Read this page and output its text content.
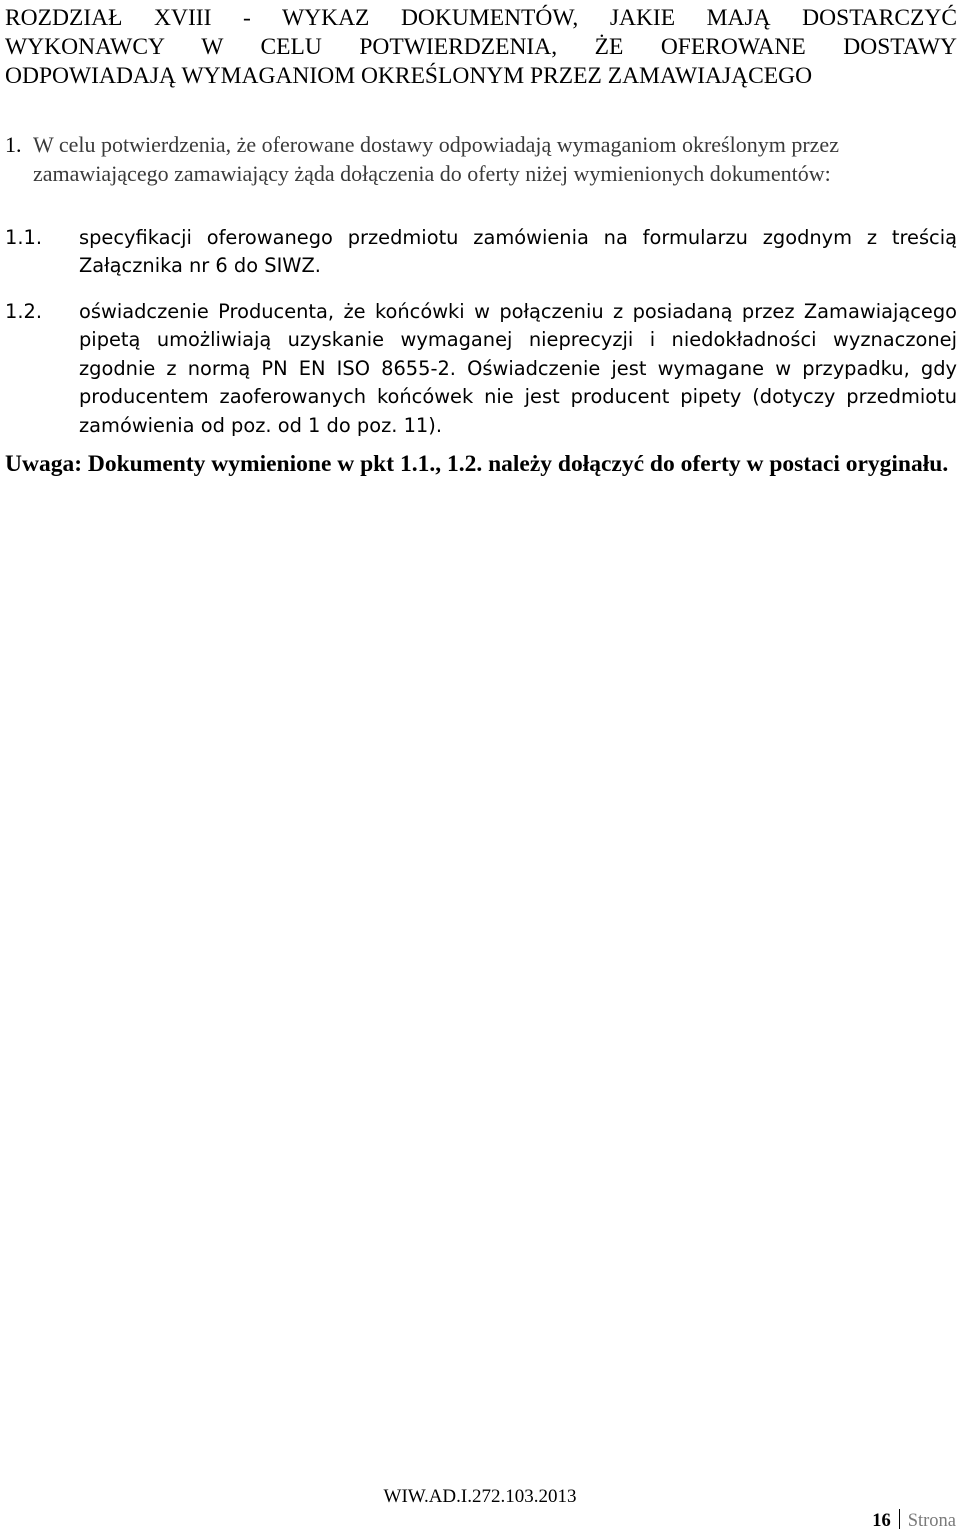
ROZDZIAŁ XVIII - WYKAZ DOKUMENTÓW, JAKIE MAJĄ DOSTARCZYĆ
WYKONAWCY W CELU POTWIERDZENIA, ŻE OFEROWANE DOSTAWY
ODPOWIADAJĄ WYMAGANIOM OKREŚLONYM PRZEZ ZAMAWIAJĄCEGO
1. W celu potwierdzenia, że oferowane dostawy odpowiadają wymaganiom określonym przez zamawiającego zamawiający żąda dołączenia do oferty niżej wymienionych dokumentów:
1.1. specyfikacji oferowanego przedmiotu zamówienia na formularzu zgodnym z treścią Załącznika nr 6 do SIWZ.
1.2. oświadczenie Producenta, że końcówki w połączeniu z posiadaną przez Zamawiającego pipetą umożliwiają uzyskanie wymaganej nieprecyzji i niedokładności wyznaczonej zgodnie z normą PN EN ISO 8655-2. Oświadczenie jest wymagane w przypadku, gdy producentem zaoferowanych końcówek nie jest producent pipety (dotyczy przedmiotu zamówienia od poz. od 1 do poz. 11).
Uwaga: Dokumenty wymienione w pkt 1.1., 1.2. należy dołączyć do oferty w postaci oryginału.
WIW.AD.I.272.103.2013
16 Strona
